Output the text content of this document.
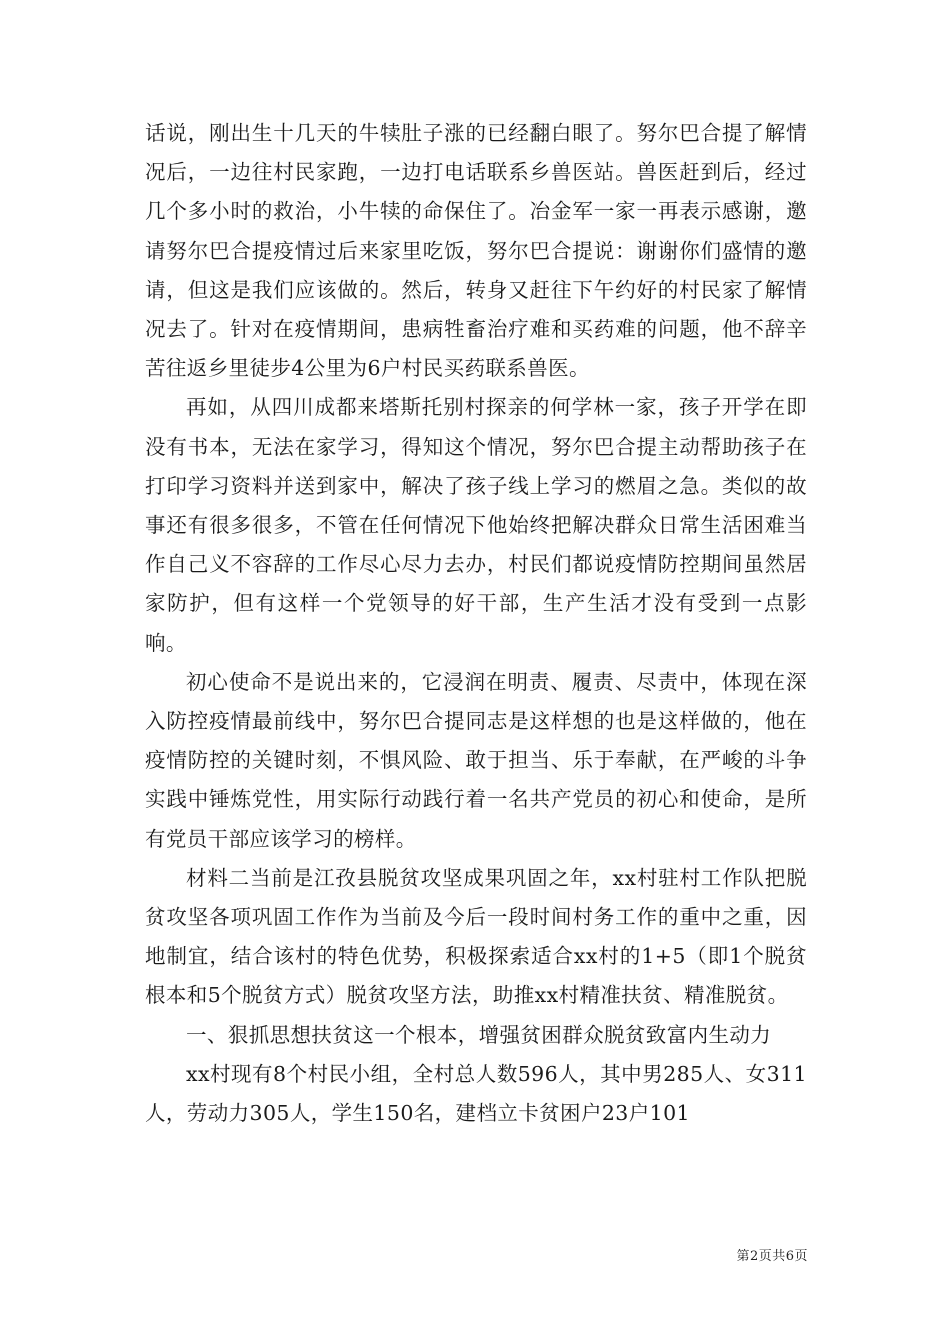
话说，刚出生十几天的牛犊肚子涨的已经翻白眼了。努尔巴合提了解情况后，一边往村民家跑，一边打电话联系乡兽医站。兽医赶到后，经过几个多小时的救治，小牛犊的命保住了。冶金军一家一再表示感谢，邀请努尔巴合提疫情过后来家里吃饭，努尔巴合提说：谢谢你们盛情的邀请，但这是我们应该做的。然后，转身又赶往下午约好的村民家了解情况去了。针对在疫情期间，患病牲畜治疗难和买药难的问题，他不辞辛苦往返乡里徒步4公里为6户村民买药联系兽医。

再如，从四川成都来塔斯托别村探亲的何学林一家，孩子开学在即没有书本，无法在家学习，得知这个情况，努尔巴合提主动帮助孩子在打印学习资料并送到家中，解决了孩子线上学习的燃眉之急。类似的故事还有很多很多，不管在任何情况下他始终把解决群众日常生活困难当作自己义不容辞的工作尽心尽力去办，村民们都说疫情防控期间虽然居家防护，但有这样一个党领导的好干部，生产生活才没有受到一点影响。

初心使命不是说出来的，它浸润在明责、履责、尽责中，体现在深入防控疫情最前线中，努尔巴合提同志是这样想的也是这样做的，他在疫情防控的关键时刻，不惧风险、敢于担当、乐于奉献，在严峻的斗争实践中锤炼党性，用实际行动践行着一名共产党员的初心和使命，是所有党员干部应该学习的榜样。

材料二当前是江孜县脱贫攻坚成果巩固之年，xx村驻村工作队把脱贫攻坚各项巩固工作作为当前及今后一段时间村务工作的重中之重，因地制宜，结合该村的特色优势，积极探索适合xx村的1+5（即1个脱贫根本和5个脱贫方式）脱贫攻坚方法，助推xx村精准扶贫、精准脱贫。

一、狠抓思想扶贫这一个根本，增强贫困群众脱贫致富内生动力

xx村现有8个村民小组，全村总人数596人，其中男285人、女311人，劳动力305人，学生150名，建档立卡贫困户23户101

第2页共6页
